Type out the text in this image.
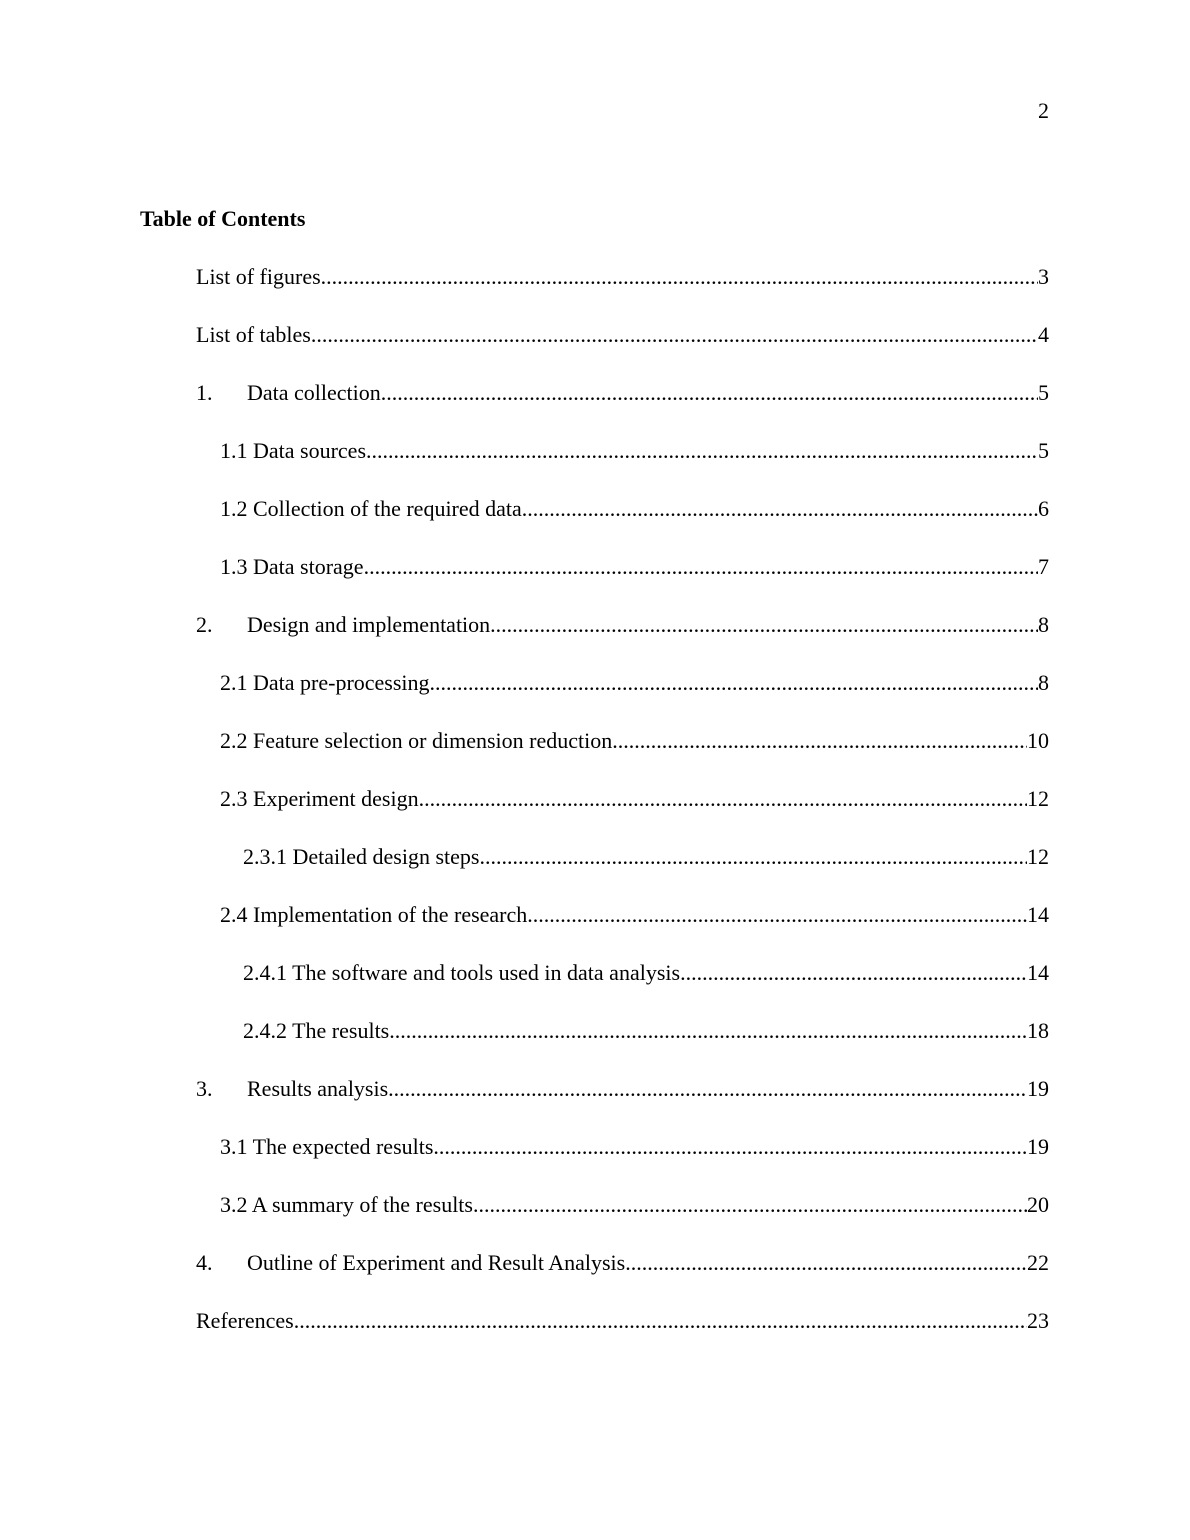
2
Table of Contents
List of figures .....	3
List of tables .....	4
1.	Data collection .....	5
1.1 Data sources .....	5
1.2 Collection of the required data .....	6
1.3 Data storage .....	7
2.	Design and implementation .....	8
2.1 Data pre-processing .....	8
2.2 Feature selection or dimension reduction .....	10
2.3 Experiment design .....	12
2.3.1 Detailed design steps .....	12
2.4 Implementation of the research .....	14
2.4.1 The software and tools used in data analysis .....	14
2.4.2 The results .....	18
3.	Results analysis .....	19
3.1 The expected results .....	19
3.2 A summary of the results .....	20
4.	Outline of Experiment and Result Analysis .....	22
References .....	23
